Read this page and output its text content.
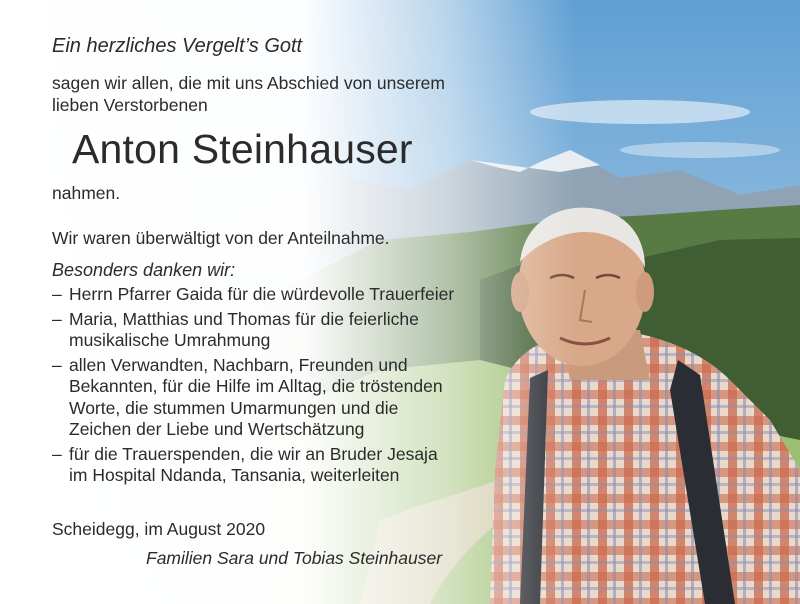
Ein herzliches Vergelt’s Gott
sagen wir allen, die mit uns Abschied von unserem
lieben Verstorbenen
Anton Steinhauser
nahmen.
Wir waren überwältigt von der Anteilnahme.
Besonders danken wir:
– Herrn Pfarrer Gaida für die würdevolle Trauerfeier
– Maria, Matthias und Thomas für die feierliche
musikalische Umrahmung
– allen Verwandten, Nachbarn, Freunden und
Bekannten, für die Hilfe im Alltag, die tröstenden
Worte, die stummen Umarmungen und die
Zeichen der Liebe und Wertschätzung
– für die Trauerspenden, die wir an Bruder Jesaja
im Hospital Ndanda, Tansania, weiterleiten
Scheidegg, im August 2020
Familien Sara und Tobias Steinhauser
